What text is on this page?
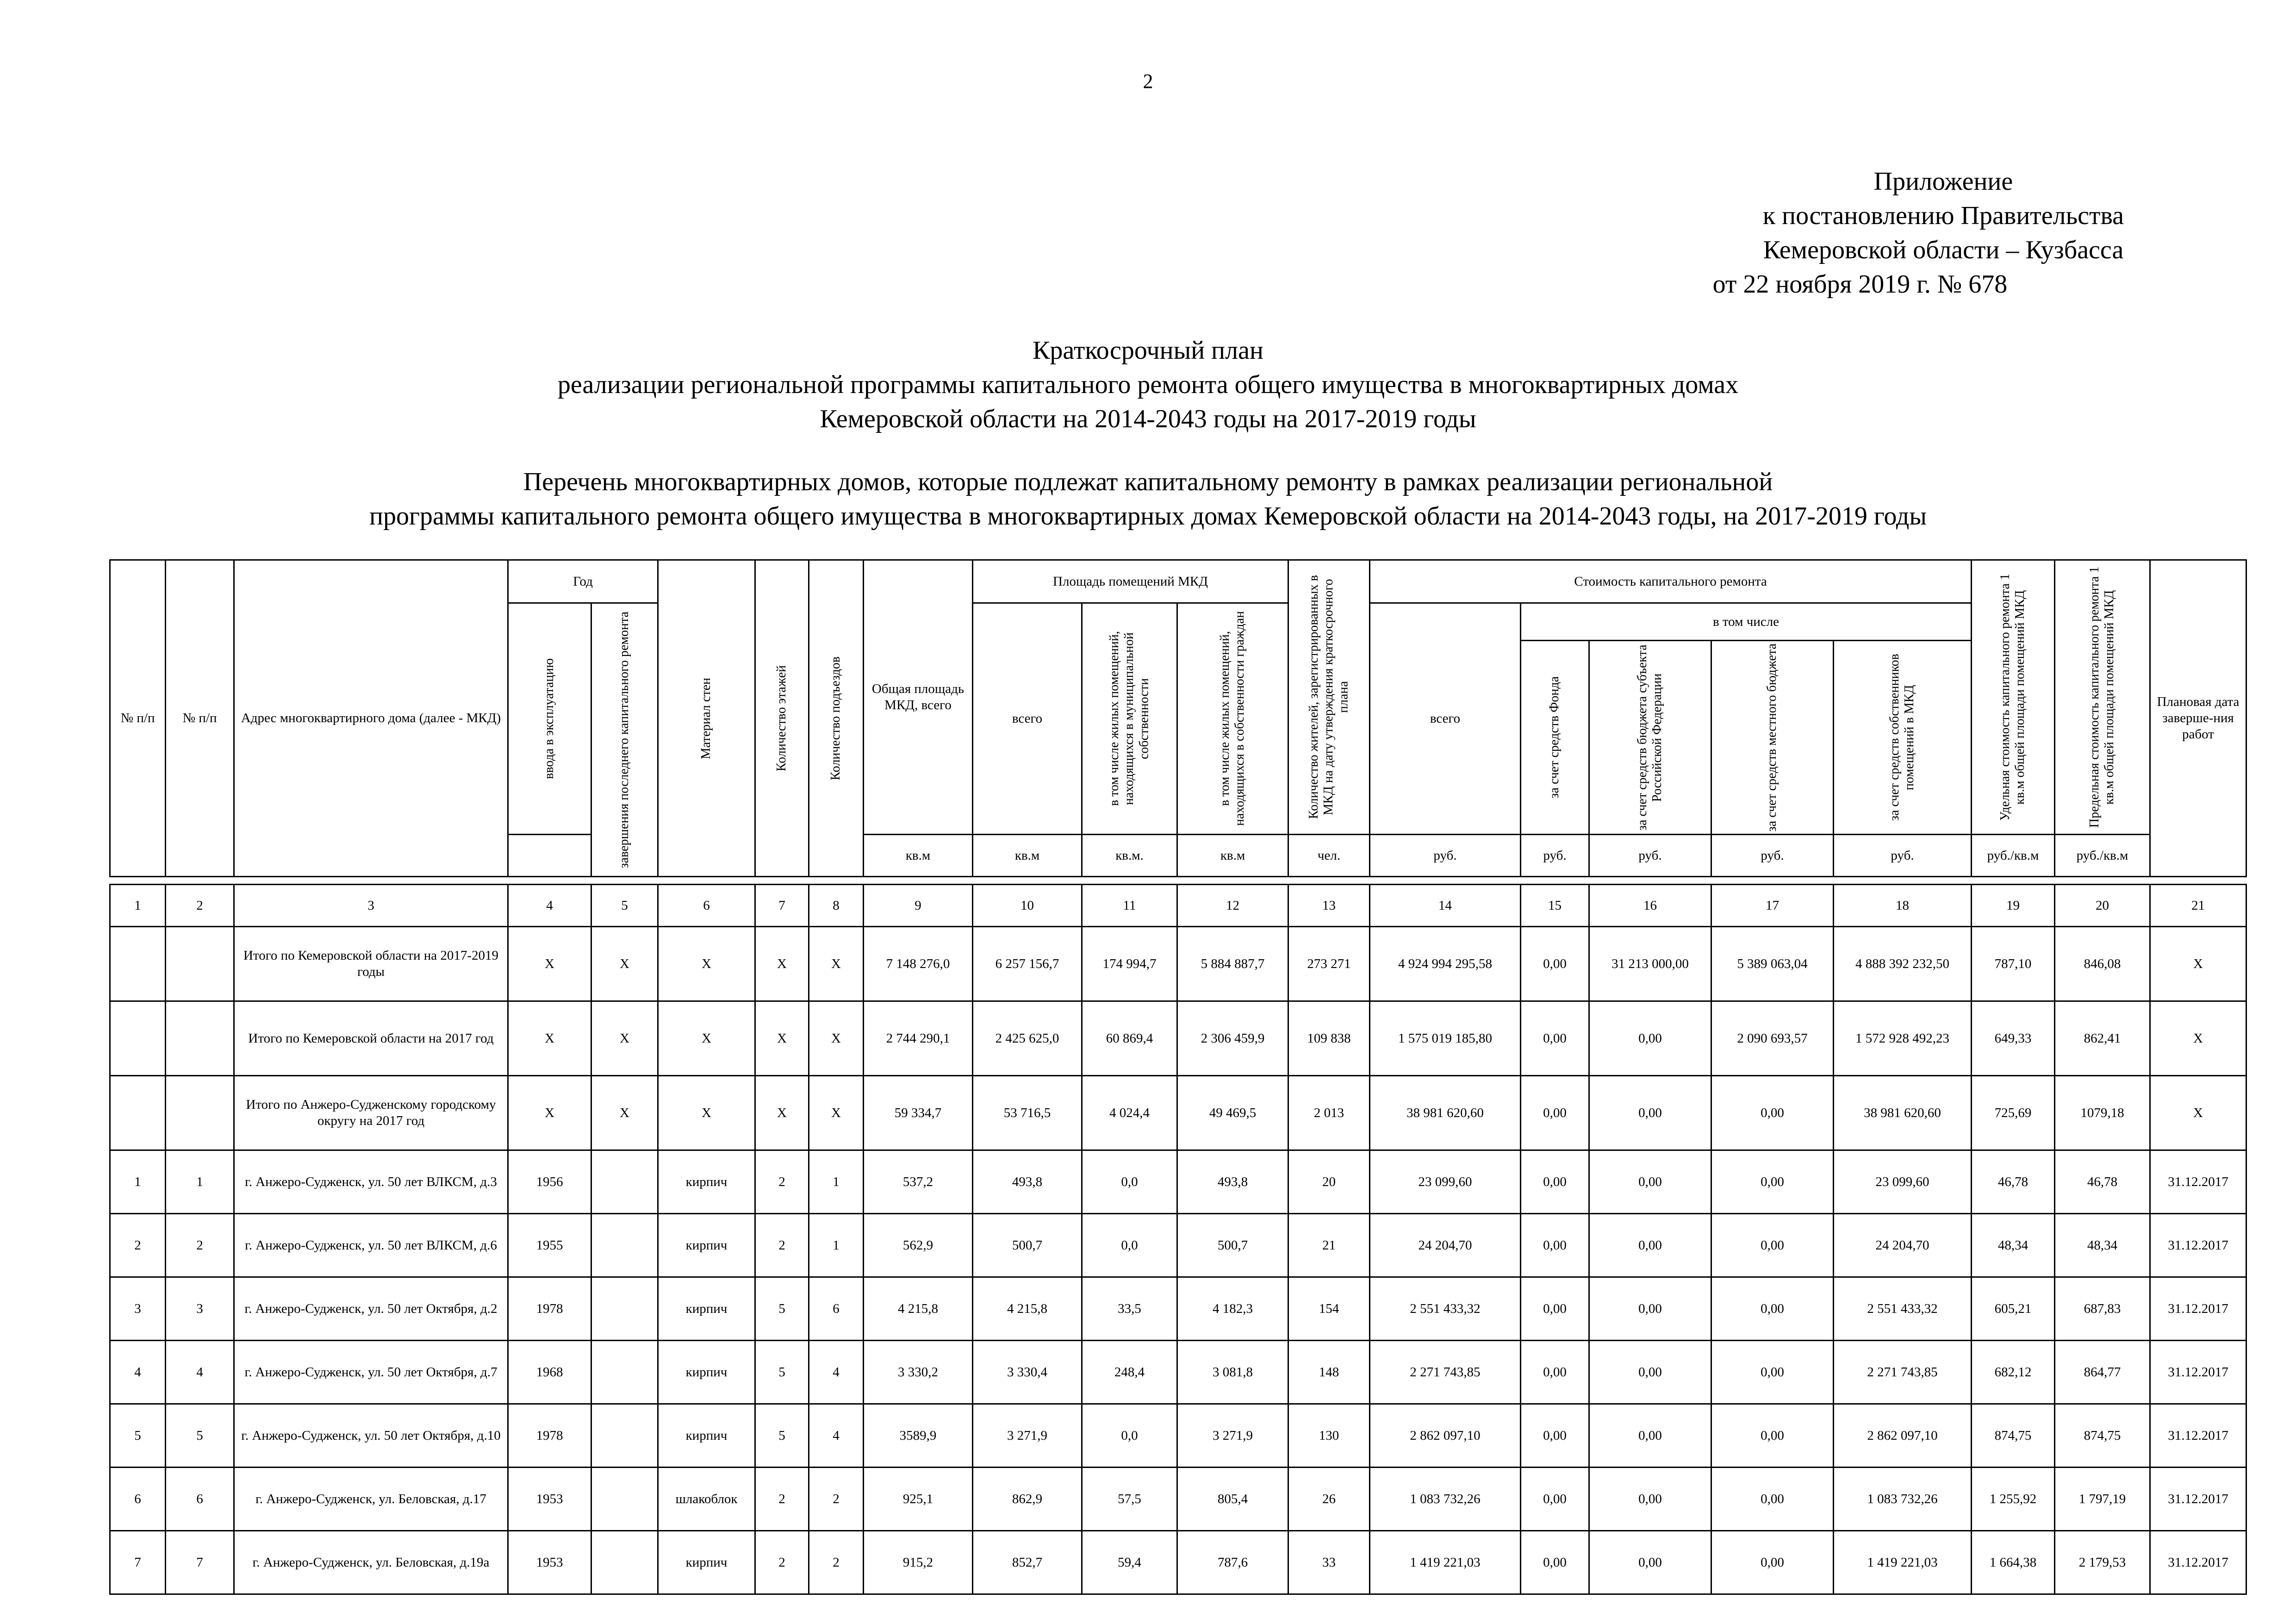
2
Приложение
к постановлению Правительства
Кемеровской области – Кузбасса
от 22 ноября 2019 г. № 678
Краткосрочный план
реализации региональной программы капитального ремонта общего имущества в многоквартирных домах
Кемеровской области на 2014-2043 годы на 2017-2019 годы
Перечень многоквартирных домов, которые подлежат капитальному ремонту в рамках реализации региональной
программы капитального ремонта общего имущества в многоквартирных домах Кемеровской области на 2014-2043 годы, на 2017-2019 годы
№ п/п	№ п/п	Адрес многоквартирного дома (далее - МКД)	Год		Материал стен	Количество этажей	Количество подъездов	Общая площадь МКД, всего	Площадь помещений МКД			Количество жителей, зарегистрированных в МКД на дату утверждения краткосрочного плана	Стоимость капитального ремонта					Удельная стоимость капитального ремонта 1 кв.м общей площади помещений МКД	Предельная стоимость капитального ремонта 1 кв.м общей площади помещений МКД	Плановая дата заверше-ния работ

			ввода в эксплуатацию	завершения последнего капитального ремонта					всего	в том числе жилых помещений, находящихся в муниципальной собственности	в том числе жилых помещений, находящихся в собственности граждан		всего	в том числе						

														за счет средств Фонда	за счет средств бюджета субъекта Российской Федерации	за счет средств местного бюджета	за счет средств собственников помещений в МКД			

								кв.м	кв.м	кв.м.	кв.м	чел.	руб.	руб.	руб.	руб.	руб.	руб./кв.м	руб./кв.м	

1	2	3	4	5	6	7	8	9	10	11	12	13	14	15	16	17	18	19	20	21
		Итого по Кемеровской области на 2017-2019 годы	X	X	X	X	X	7 148 276,0	6 257 156,7	174 994,7	5 884 887,7	273 271	4 924 994 295,58	0,00	31 213 000,00	5 389 063,04	4 888 392 232,50	787,10	846,08	X
		Итого по Кемеровской области на 2017 год	X	X	X	X	X	2 744 290,1	2 425 625,0	60 869,4	2 306 459,9	109 838	1 575 019 185,80	0,00	0,00	2 090 693,57	1 572 928 492,23	649,33	862,41	X
		Итого по Анжеро-Судженскому городскому округу на 2017 год	X	X	X	X	X	59 334,7	53 716,5	4 024,4	49 469,5	2 013	38 981 620,60	0,00	0,00	0,00	38 981 620,60	725,69	1079,18	X
1	1	г. Анжеро-Судженск, ул. 50 лет ВЛКСМ, д.3	1956		кирпич	2	1	537,2	493,8	0,0	493,8	20	23 099,60	0,00	0,00	0,00	23 099,60	46,78	46,78	31.12.2017
2	2	г. Анжеро-Судженск, ул. 50 лет ВЛКСМ, д.6	1955		кирпич	2	1	562,9	500,7	0,0	500,7	21	24 204,70	0,00	0,00	0,00	24 204,70	48,34	48,34	31.12.2017
3	3	г. Анжеро-Судженск, ул. 50 лет Октября, д.2	1978		кирпич	5	6	4 215,8	4 215,8	33,5	4 182,3	154	2 551 433,32	0,00	0,00	0,00	2 551 433,32	605,21	687,83	31.12.2017
4	4	г. Анжеро-Судженск, ул. 50 лет Октября, д.7	1968		кирпич	5	4	3 330,2	3 330,4	248,4	3 081,8	148	2 271 743,85	0,00	0,00	0,00	2 271 743,85	682,12	864,77	31.12.2017
5	5	г. Анжеро-Судженск, ул. 50 лет Октября, д.10	1978		кирпич	5	4	3589,9	3 271,9	0,0	3 271,9	130	2 862 097,10	0,00	0,00	0,00	2 862 097,10	874,75	874,75	31.12.2017
6	6	г. Анжеро-Судженск, ул. Беловская, д.17	1953		шлакоблок	2	2	925,1	862,9	57,5	805,4	26	1 083 732,26	0,00	0,00	0,00	1 083 732,26	1 255,92	1 797,19	31.12.2017
7	7	г. Анжеро-Судженск, ул. Беловская, д.19а	1953		кирпич	2	2	915,2	852,7	59,4	787,6	33	1 419 221,03	0,00	0,00	0,00	1 419 221,03	1 664,38	2 179,53	31.12.2017
